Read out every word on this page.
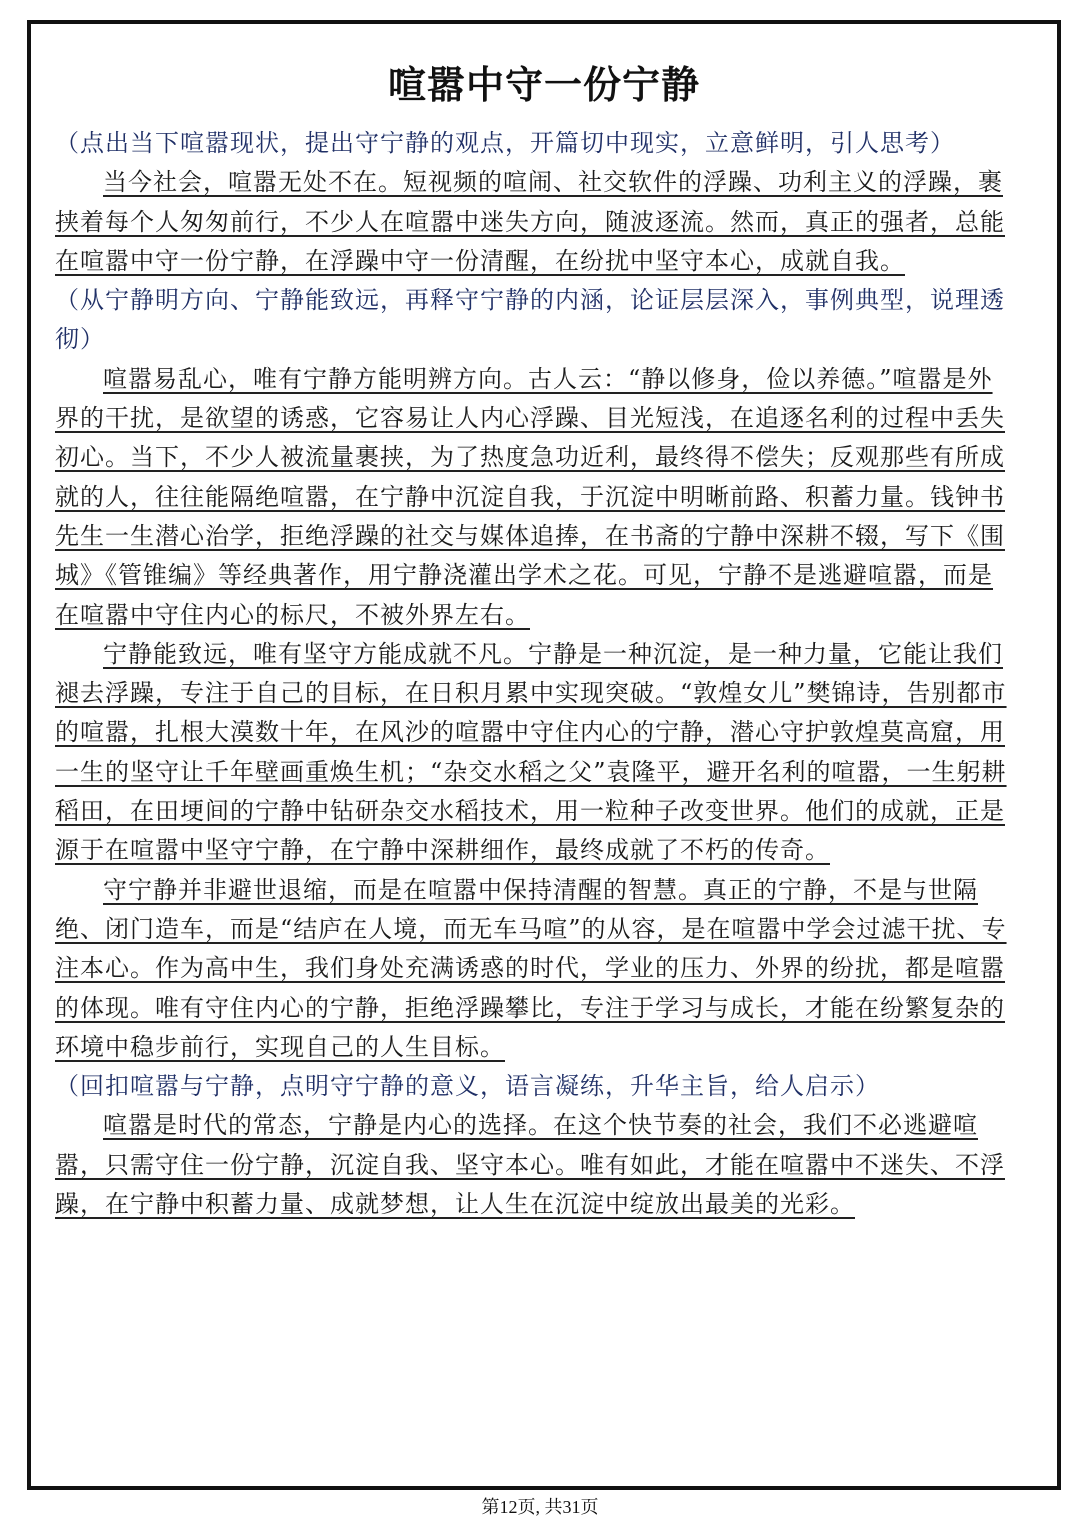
喧嚣中守一份宁静

（点出当下喧嚣现状，提出守宁静的观点，开篇切中现实，立意鲜明，引人思考）

当今社会，喧嚣无处不在。短视频的喧闹、社交软件的浮躁、功利主义的浮躁，裹挟着每个人匆匆前行，不少人在喧嚣中迷失方向，随波逐流。然而，真正的强者，总能在喧嚣中守一份宁静，在浮躁中守一份清醒，在纷扰中坚守本心，成就自我。

（从宁静明方向、宁静能致远，再释守宁静的内涵，论证层层深入，事例典型，说理透彻）

喧嚣易乱心，唯有宁静方能明辨方向。古人云：“静以修身，俭以养德。”喧嚣是外界的干扰，是欲望的诱惑，它容易让人内心浮躁、目光短浅，在追逐名利的过程中丢失初心。当下，不少人被流量裹挟，为了热度急功近利，最终得不偿失；反观那些有所成就的人，往往能隔绝喧嚣，在宁静中沉淀自我，于沉淀中明晰前路、积蓄力量。钱钟书先生一生潜心治学，拒绝浮躁的社交与媒体追捧，在书斋的宁静中深耕不辍，写下《围城》《管锥编》等经典著作，用宁静浇灌出学术之花。可见，宁静不是逃避喧嚣，而是在喧嚣中守住内心的标尺，不被外界左右。

宁静能致远，唯有坚守方能成就不凡。宁静是一种沉淀，是一种力量，它能让我们褪去浮躁，专注于自己的目标，在日积月累中实现突破。“敦煌女儿”樊锦诗，告别都市的喧嚣，扎根大漠数十年，在风沙的喧嚣中守住内心的宁静，潜心守护敦煌莫高窟，用一生的坚守让千年壁画重焕生机；“杂交水稻之父”袁隆平，避开名利的喧嚣，一生躬耕稻田，在田埂间的宁静中钻研杂交水稻技术，用一粒种子改变世界。他们的成就，正是源于在喧嚣中坚守宁静，在宁静中深耕细作，最终成就了不朽的传奇。

守宁静并非避世退缩，而是在喧嚣中保持清醒的智慧。真正的宁静，不是与世隔绝、闭门造车，而是“结庐在人境，而无车马喧”的从容，是在喧嚣中学会过滤干扰、专注本心。作为高中生，我们身处充满诱惑的时代，学业的压力、外界的纷扰，都是喧嚣的体现。唯有守住内心的宁静，拒绝浮躁攀比，专注于学习与成长，才能在纷繁复杂的环境中稳步前行，实现自己的人生目标。

（回扣喧嚣与宁静，点明守宁静的意义，语言凝练，升华主旨，给人启示）

喧嚣是时代的常态，宁静是内心的选择。在这个快节奏的社会，我们不必逃避喧嚣，只需守住一份宁静，沉淀自我、坚守本心。唯有如此，才能在喧嚣中不迷失、不浮躁，在宁静中积蓄力量、成就梦想，让人生在沉淀中绽放出最美的光彩。

第12页, 共31页
